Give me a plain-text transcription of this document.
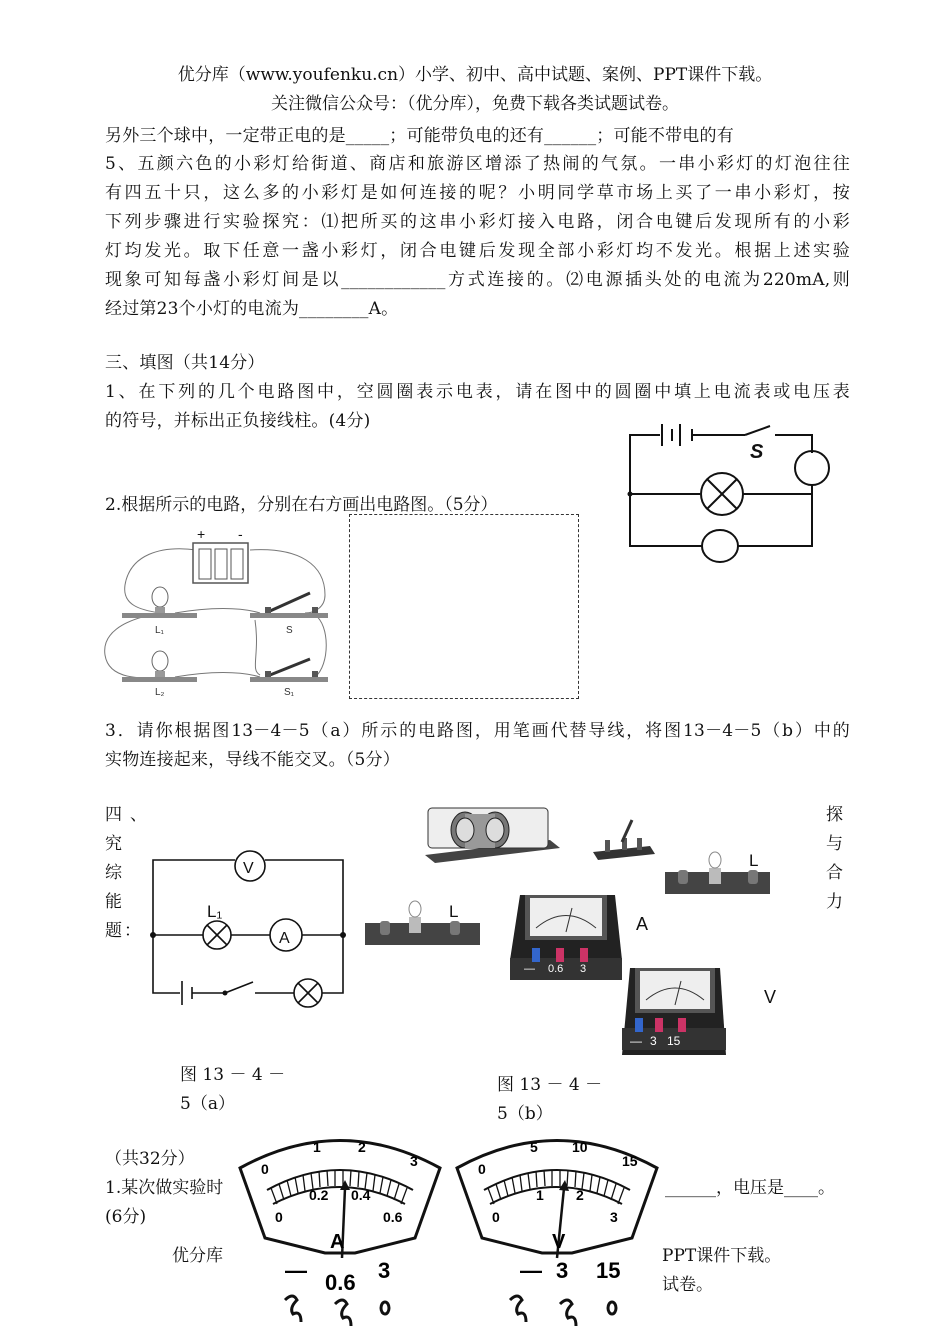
优分库（www.youfenku.cn）小学、初中、高中试题、案例、PPT课件下载。
关注微信公众号：（优分库），免费下载各类试题试卷。
另外三个球中，一定带正电的是_____；可能带负电的还有______；可能不带电的有
5、五颜六色的小彩灯给街道、商店和旅游区增添了热闹的气氛。一串小彩灯的灯泡往往
有四五十只，这么多的小彩灯是如何连接的呢？小明同学草市场上买了一串小彩灯，按
下列步骤进行实验探究：⑴把所买的这串小彩灯接入电路，闭合电键后发现所有的小彩
灯均发光。取下任意一盏小彩灯，闭合电键后发现全部小彩灯均不发光。根据上述实验
现象可知每盏小彩灯间是以____________方式连接的。⑵电源插头处的电流为220mA,则
经过第23个小灯的电流为________A。
三、填图（共14分）
1、在下列的几个电路图中，空圆圈表示电表，请在图中的圆圈中填上电流表或电压表
的符号，并标出正负接线柱。(4分)
S
2.根据所示的电路，分别在右方画出电路图。（5分）
+ -
L₁	S
L₂	S₁
3．请你根据图13－4－5（a）所示的电路图，用笔画代替导线，将图13－4－5（b）中的
实物连接起来，导线不能交叉。（5分）
四 、
究
综
能
题 ：
探
与
合
力
V
A
L₁
图 13 － 4 －
5（a）
L
L
— 0.6 3
A
— 3 15
V
图 13 － 4 －
5（b）
（共32分）
1.某次做实验时	______，电压是____。
(6分)
优分库	PPT课件下载。
试卷。
0
1	2
3
0
0.2 0.4
0.6
A
— 0.6 3
0
5 10
15
0
1 2
3
V
— 3 15
